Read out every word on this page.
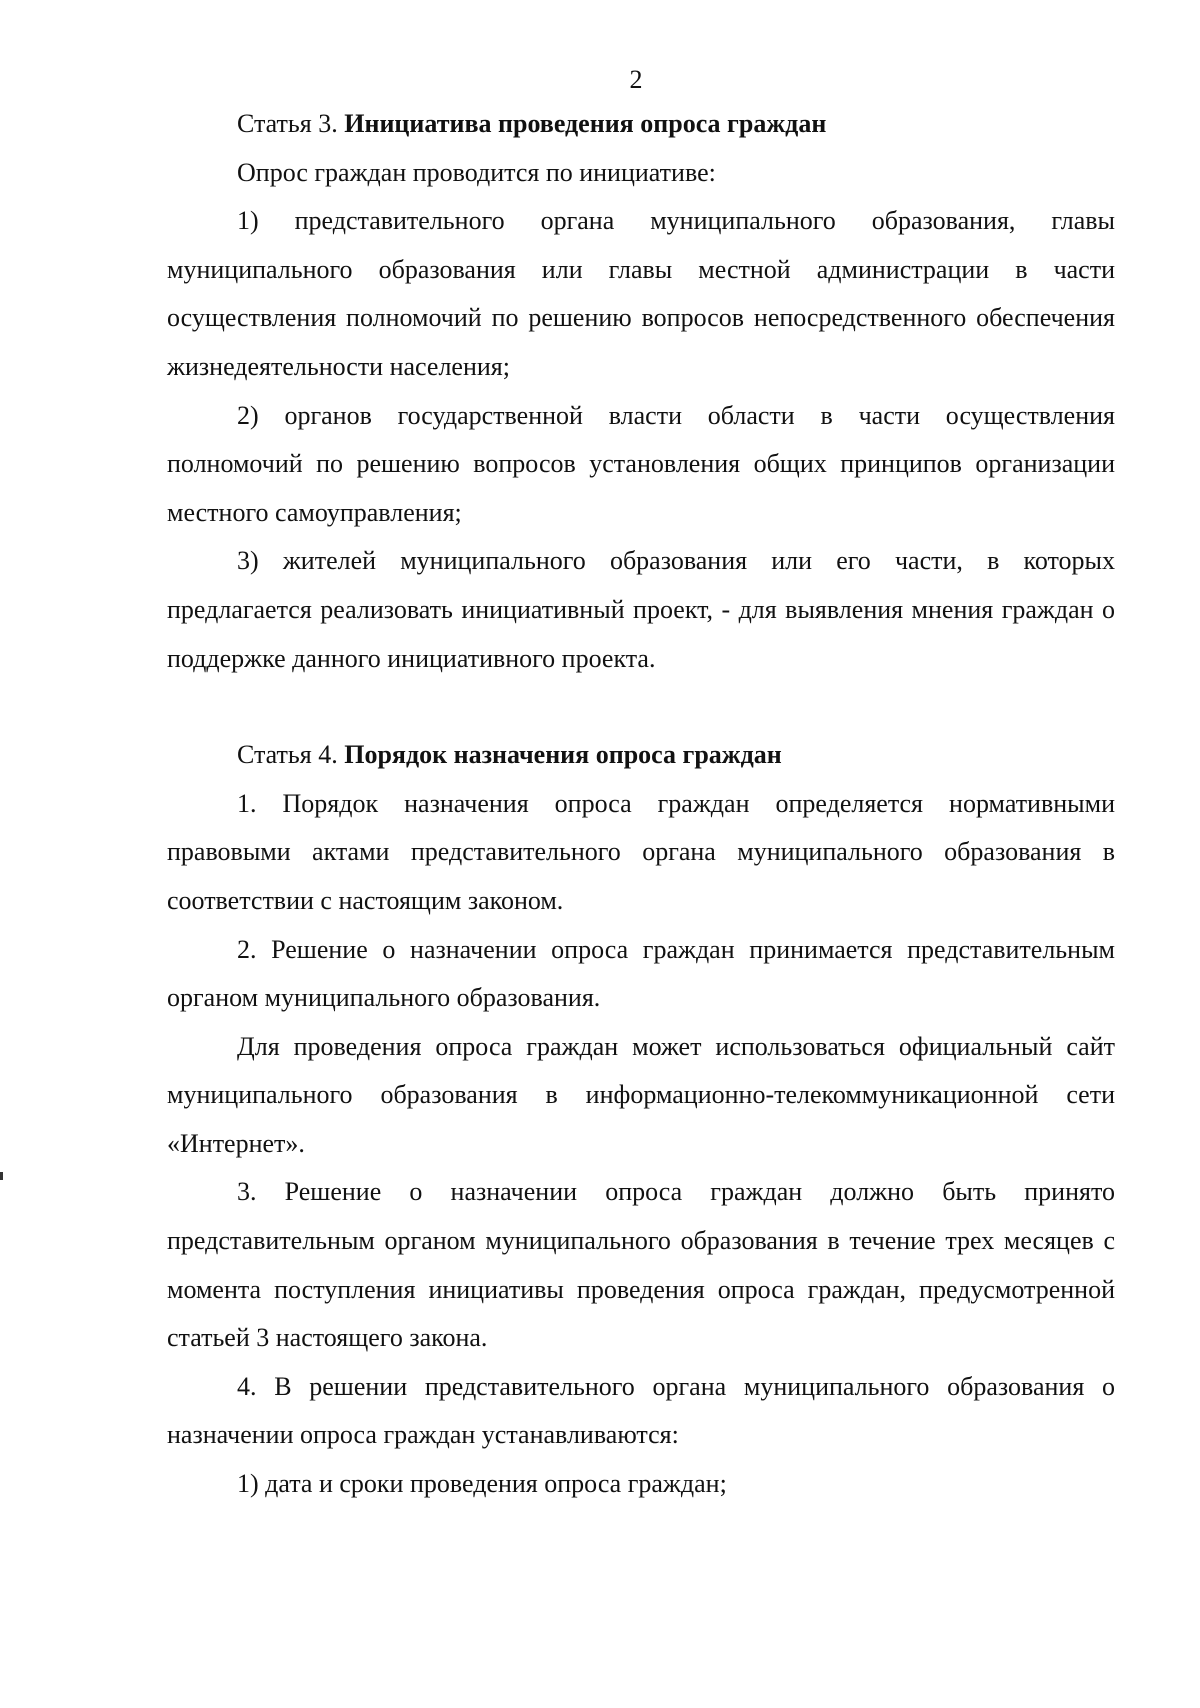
2

Статья 3. Инициатива проведения опроса граждан

Опрос граждан проводится по инициативе:

1) представительного органа муниципального образования, главы муниципального образования или главы местной администрации в части осуществления полномочий по решению вопросов непосредственного обеспечения жизнедеятельности населения;

2) органов государственной власти области в части осуществления полномочий по решению вопросов установления общих принципов организации местного самоуправления;

3) жителей муниципального образования или его части, в которых предлагается реализовать инициативный проект, - для выявления мнения граждан о поддержке данного инициативного проекта.

Статья 4. Порядок назначения опроса граждан

1. Порядок назначения опроса граждан определяется нормативными правовыми актами представительного органа муниципального образования в соответствии с настоящим законом.

2. Решение о назначении опроса граждан принимается представительным органом муниципального образования.

Для проведения опроса граждан может использоваться официальный сайт муниципального образования в информационно-телекоммуникационной сети «Интернет».

3. Решение о назначении опроса граждан должно быть принято представительным органом муниципального образования в течение трех месяцев с момента поступления инициативы проведения опроса граждан, предусмотренной статьей 3 настоящего закона.

4. В решении представительного органа муниципального образования о назначении опроса граждан устанавливаются:

1) дата и сроки проведения опроса граждан;
